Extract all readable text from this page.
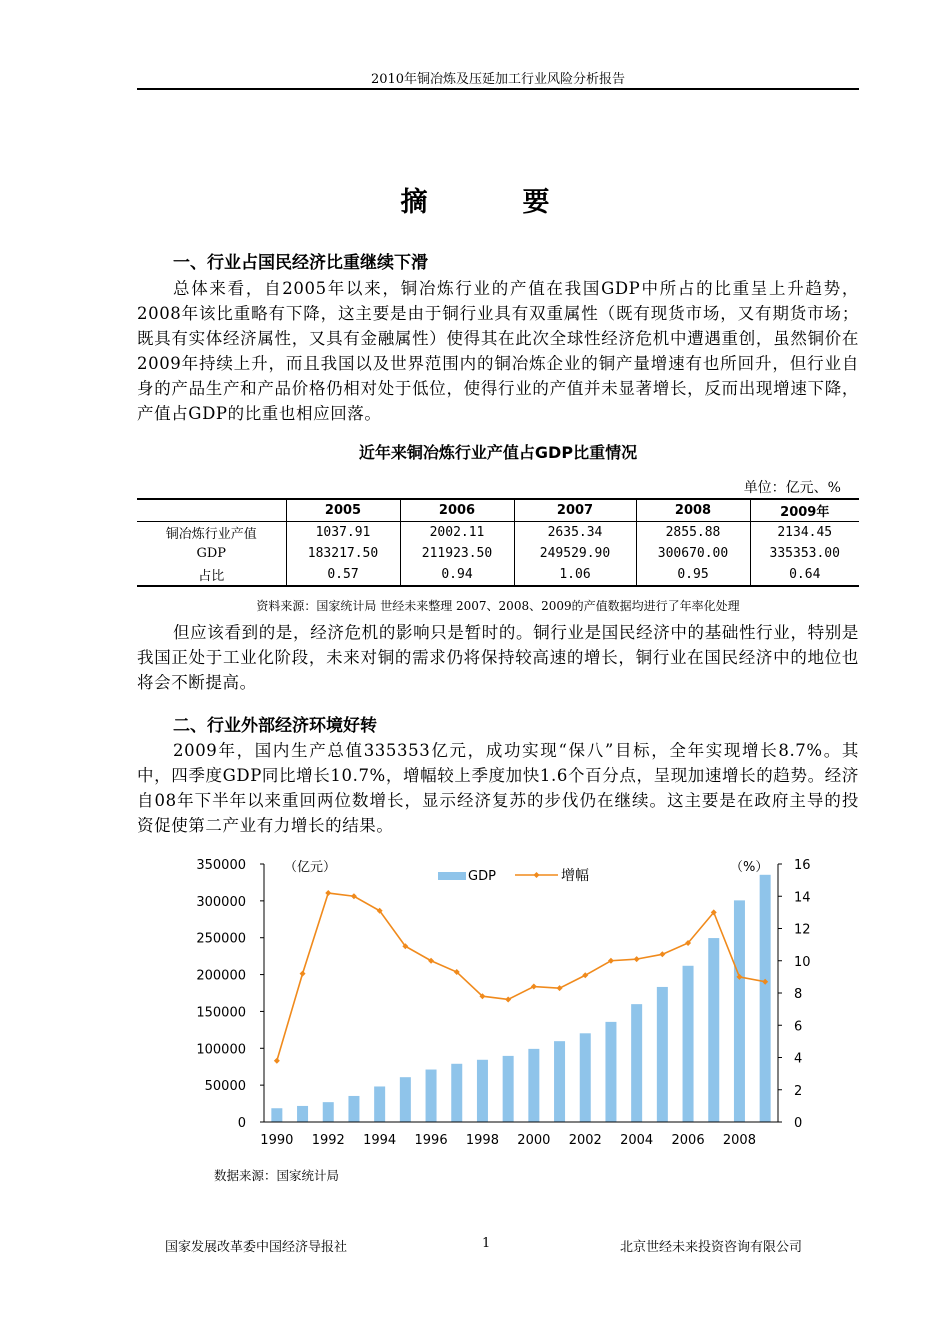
2010年铜冶炼及压延加工行业风险分析报告
摘　要
一、行业占国民经济比重继续下滑
总体来看，自2005年以来，铜冶炼行业的产值在我国GDP中所占的比重呈上升趋势，2008年该比重略有下降，这主要是由于铜行业具有双重属性（既有现货市场，又有期货市场；既具有实体经济属性，又具有金融属性）使得其在此次全球性经济危机中遭遇重创，虽然铜价在2009年持续上升，而且我国以及世界范围内的铜冶炼企业的铜产量增速有也所回升，但行业自身的产品生产和产品价格仍相对处于低位，使得行业的产值并未显著增长，反而出现增速下降，产值占GDP的比重也相应回落。
近年来铜冶炼行业产值占GDP比重情况
单位：亿元、%
	2005	2006	2007	2008	2009年
铜冶炼行业产值	1037.91	2002.11	2635.34	2855.88	2134.45
GDP	183217.50	211923.50	249529.90	300670.00	335353.00
占比	0.57	0.94	1.06	0.95	0.64
资料来源：国家统计局 世经未来整理 2007、2008、2009的产值数据均进行了年率化处理
但应该看到的是，经济危机的影响只是暂时的。铜行业是国民经济中的基础性行业，特别是我国正处于工业化阶段，未来对铜的需求仍将保持较高速的增长，铜行业在国民经济中的地位也将会不断提高。
二、行业外部经济环境好转
2009年，国内生产总值335353亿元，成功实现“保八”目标，全年实现增长8.7%。其中，四季度GDP同比增长10.7%，增幅较上季度加快1.6个百分点，呈现加速增长的趋势。经济自08年下半年以来重回两位数增长，显示经济复苏的步伐仍在继续。这主要是在政府主导的投资促使第二产业有力增长的结果。
0
50000
100000
150000
200000
250000
300000
350000
0
2
4
6
8
10
12
14
16
1990 1992 1994 1996 1998 2000 2002 2004 2006 2008
（亿元）	（%）
GDP	增幅
数据来源：国家统计局
国家发展改革委中国经济导报社	1	北京世经未来投资咨询有限公司
